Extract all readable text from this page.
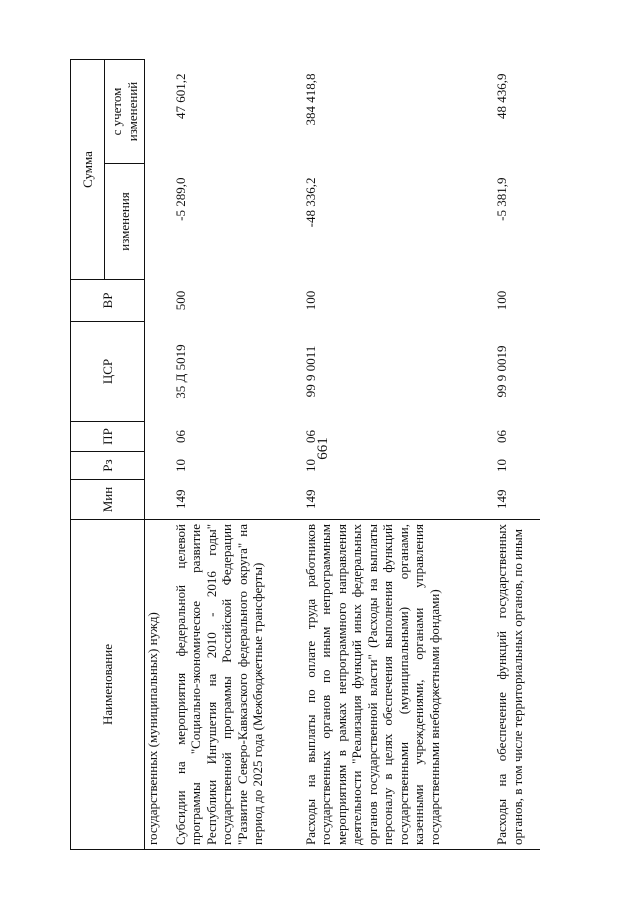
661
Наименование	Мин	Рз	ПР	ЦСР	ВР	Сумма	
						изменения	с учетом изменений
государственных (муниципальных) нужд)							
Субсидии на мероприятия федеральной целевой программы "Социально-экономическое развитие Республики Ингушетия на 2010 - 2016 годы" государственной программы Российской Федерации "Развитие Северо-Кавказского федерального округа" на период до 2025 года (Межбюджетные трансферты)	149	10	06	35 Д 5019	500	-5 289,0	47 601,2
Расходы на выплаты по оплате труда работников государственных органов по иным непрограммным мероприятиям в рамках непрограммного направления деятельности "Реализация функций иных федеральных органов государственной власти" (Расходы на выплаты персоналу в целях обеспечения выполнения функций государственными (муниципальными) органами, казенными учреждениями, органами управления государственными внебюджетными фондами)	149	10	06	99 9 0011	100	-48 336,2	384 418,8
Расходы на обеспечение функций государственных органов, в том числе территориальных органов, по иным	149	10	06	99 9 0019	100	-5 381,9	48 436,9
